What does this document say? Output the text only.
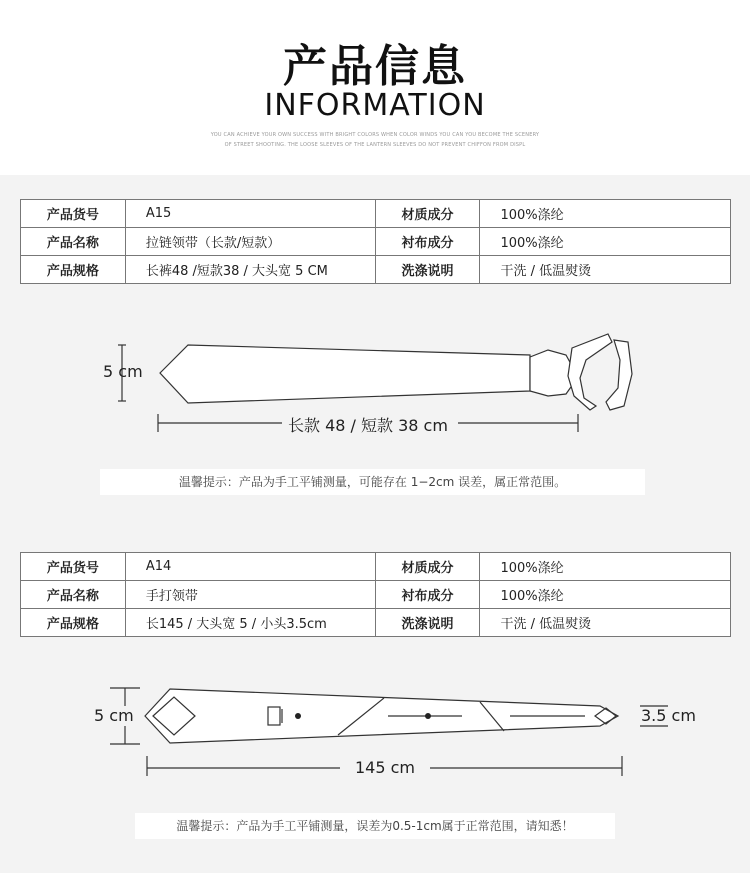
产品信息
INFORMATION
YOU CAN ACHIEVE YOUR OWN SUCCESS WITH BRIGHT COLORS WHEN COLOR WINDS YOU CAN YOU BECOME THE SCENERY
OF STREET SHOOTING. THE LOOSE SLEEVES OF THE LANTERN SLEEVES DO NOT PREVENT CHIFFON FROM DISPL
产品货号	A15	材质成分	100%涤纶
产品名称	拉链领带（长款/短款）	衬布成分	100%涤纶
产品规格	长裤48 /短款38 / 大头宽 5 CM	洗涤说明	干洗 / 低温熨烫
5 cm
长款 48 / 短款 38 cm
温馨提示：产品为手工平铺测量，可能存在 1−2cm 误差，属正常范围。
产品货号	A14	材质成分	100%涤纶
产品名称	手打领带	衬布成分	100%涤纶
产品规格	长145 / 大头宽 5 / 小头3.5cm	洗涤说明	干洗 / 低温熨烫
5 cm	3.5 cm
145 cm
温馨提示：产品为手工平铺测量，误差为0.5-1cm属于正常范围，请知悉！
